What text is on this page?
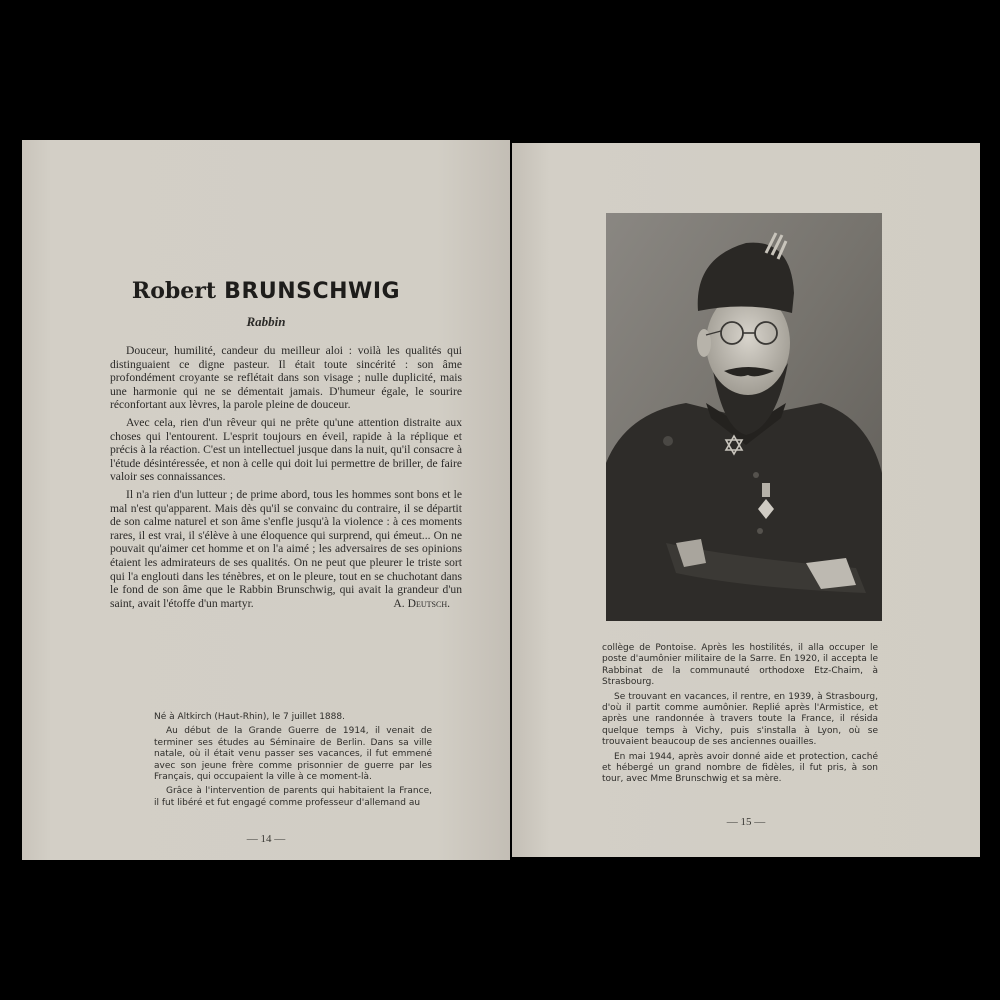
Robert BRUNSCHWIG

Rabbin

Douceur, humilité, candeur du meilleur aloi : voilà les qualités qui distinguaient ce digne pasteur. Il était toute sincérité : son âme profondément croyante se reflétait dans son visage ; nulle duplicité, mais une harmonie qui ne se démentait jamais. D'humeur égale, le sourire réconfortant aux lèvres, la parole pleine de douceur.

Avec cela, rien d'un rêveur qui ne prête qu'une attention distraite aux choses qui l'entourent. L'esprit toujours en éveil, rapide à la réplique et précis à la réaction. C'est un intellectuel jusque dans la nuit, qu'il consacre à l'étude désintéressée, et non à celle qui doit lui permettre de briller, de faire valoir ses connaissances.

Il n'a rien d'un lutteur ; de prime abord, tous les hommes sont bons et le mal n'est qu'apparent. Mais dès qu'il se convainc du contraire, il se départit de son calme naturel et son âme s'enfle jusqu'à la violence : à ces moments rares, il est vrai, il s'élève à une éloquence qui surprend, qui émeut... On ne pouvait qu'aimer cet homme et on l'a aimé ; les adversaires de ses opinions étaient les admirateurs de ses qualités. On ne peut que pleurer le triste sort qui l'a englouti dans les ténèbres, et on le pleure, tout en se chuchotant dans le fond de son âme que le Rabbin Brunschwig, qui avait la grandeur d'un saint, avait l'étoffe d'un martyr.	A. Deutsch.

Né à Altkirch (Haut-Rhin), le 7 juillet 1888.

Au début de la Grande Guerre de 1914, il venait de terminer ses études au Séminaire de Berlin. Dans sa ville natale, où il était venu passer ses vacances, il fut emmené avec son jeune frère comme prisonnier de guerre par les Français, qui occupaient la ville à ce moment-là.

Grâce à l'intervention de parents qui habitaient la France, il fut libéré et fut engagé comme professeur d'allemand au

— 14 —

collège de Pontoise. Après les hostilités, il alla occuper le poste d'aumônier militaire de la Sarre. En 1920, il accepta le Rabbinat de la communauté orthodoxe Etz-Chaim, à Strasbourg.

Se trouvant en vacances, il rentre, en 1939, à Strasbourg, d'où il partit comme aumônier. Replié après l'Armistice, et après une randonnée à travers toute la France, il résida quelque temps à Vichy, puis s'installa à Lyon, où se trouvaient beaucoup de ses anciennes ouailles.

En mai 1944, après avoir donné aide et protection, caché et hébergé un grand nombre de fidèles, il fut pris, à son tour, avec Mme Brunschwig et sa mère.

— 15 —
